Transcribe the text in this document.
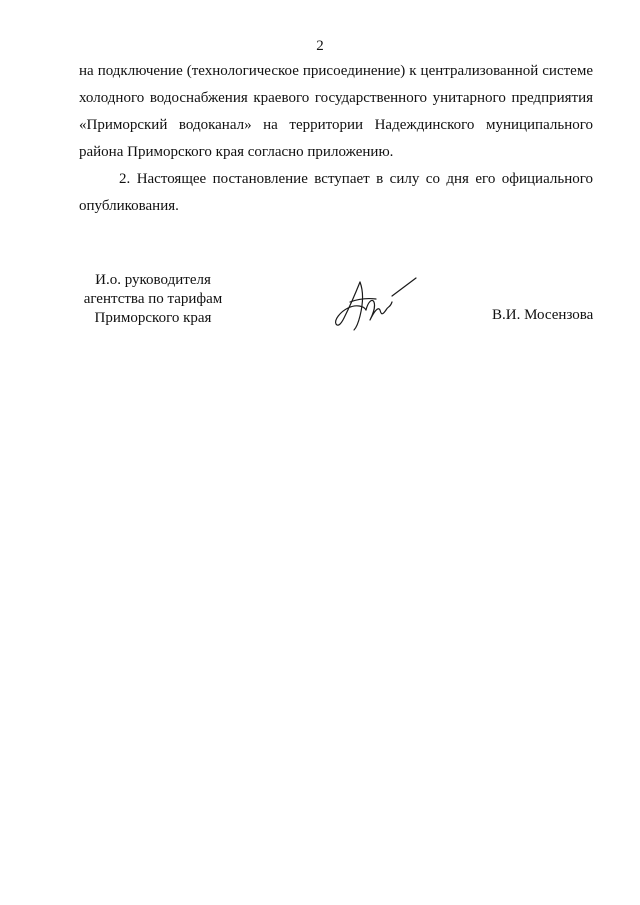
2

на подключение (технологическое присоединение) к централизованной системе
холодного водоснабжения краевого государственного унитарного предприятия
«Приморский водоканал» на территории Надеждинского муниципального
района Приморского края согласно приложению.

2. Настоящее постановление вступает в силу со дня его официального
опубликования.

И.о. руководителя
агентства по тарифам
Приморского края	В.И. Мосензова
